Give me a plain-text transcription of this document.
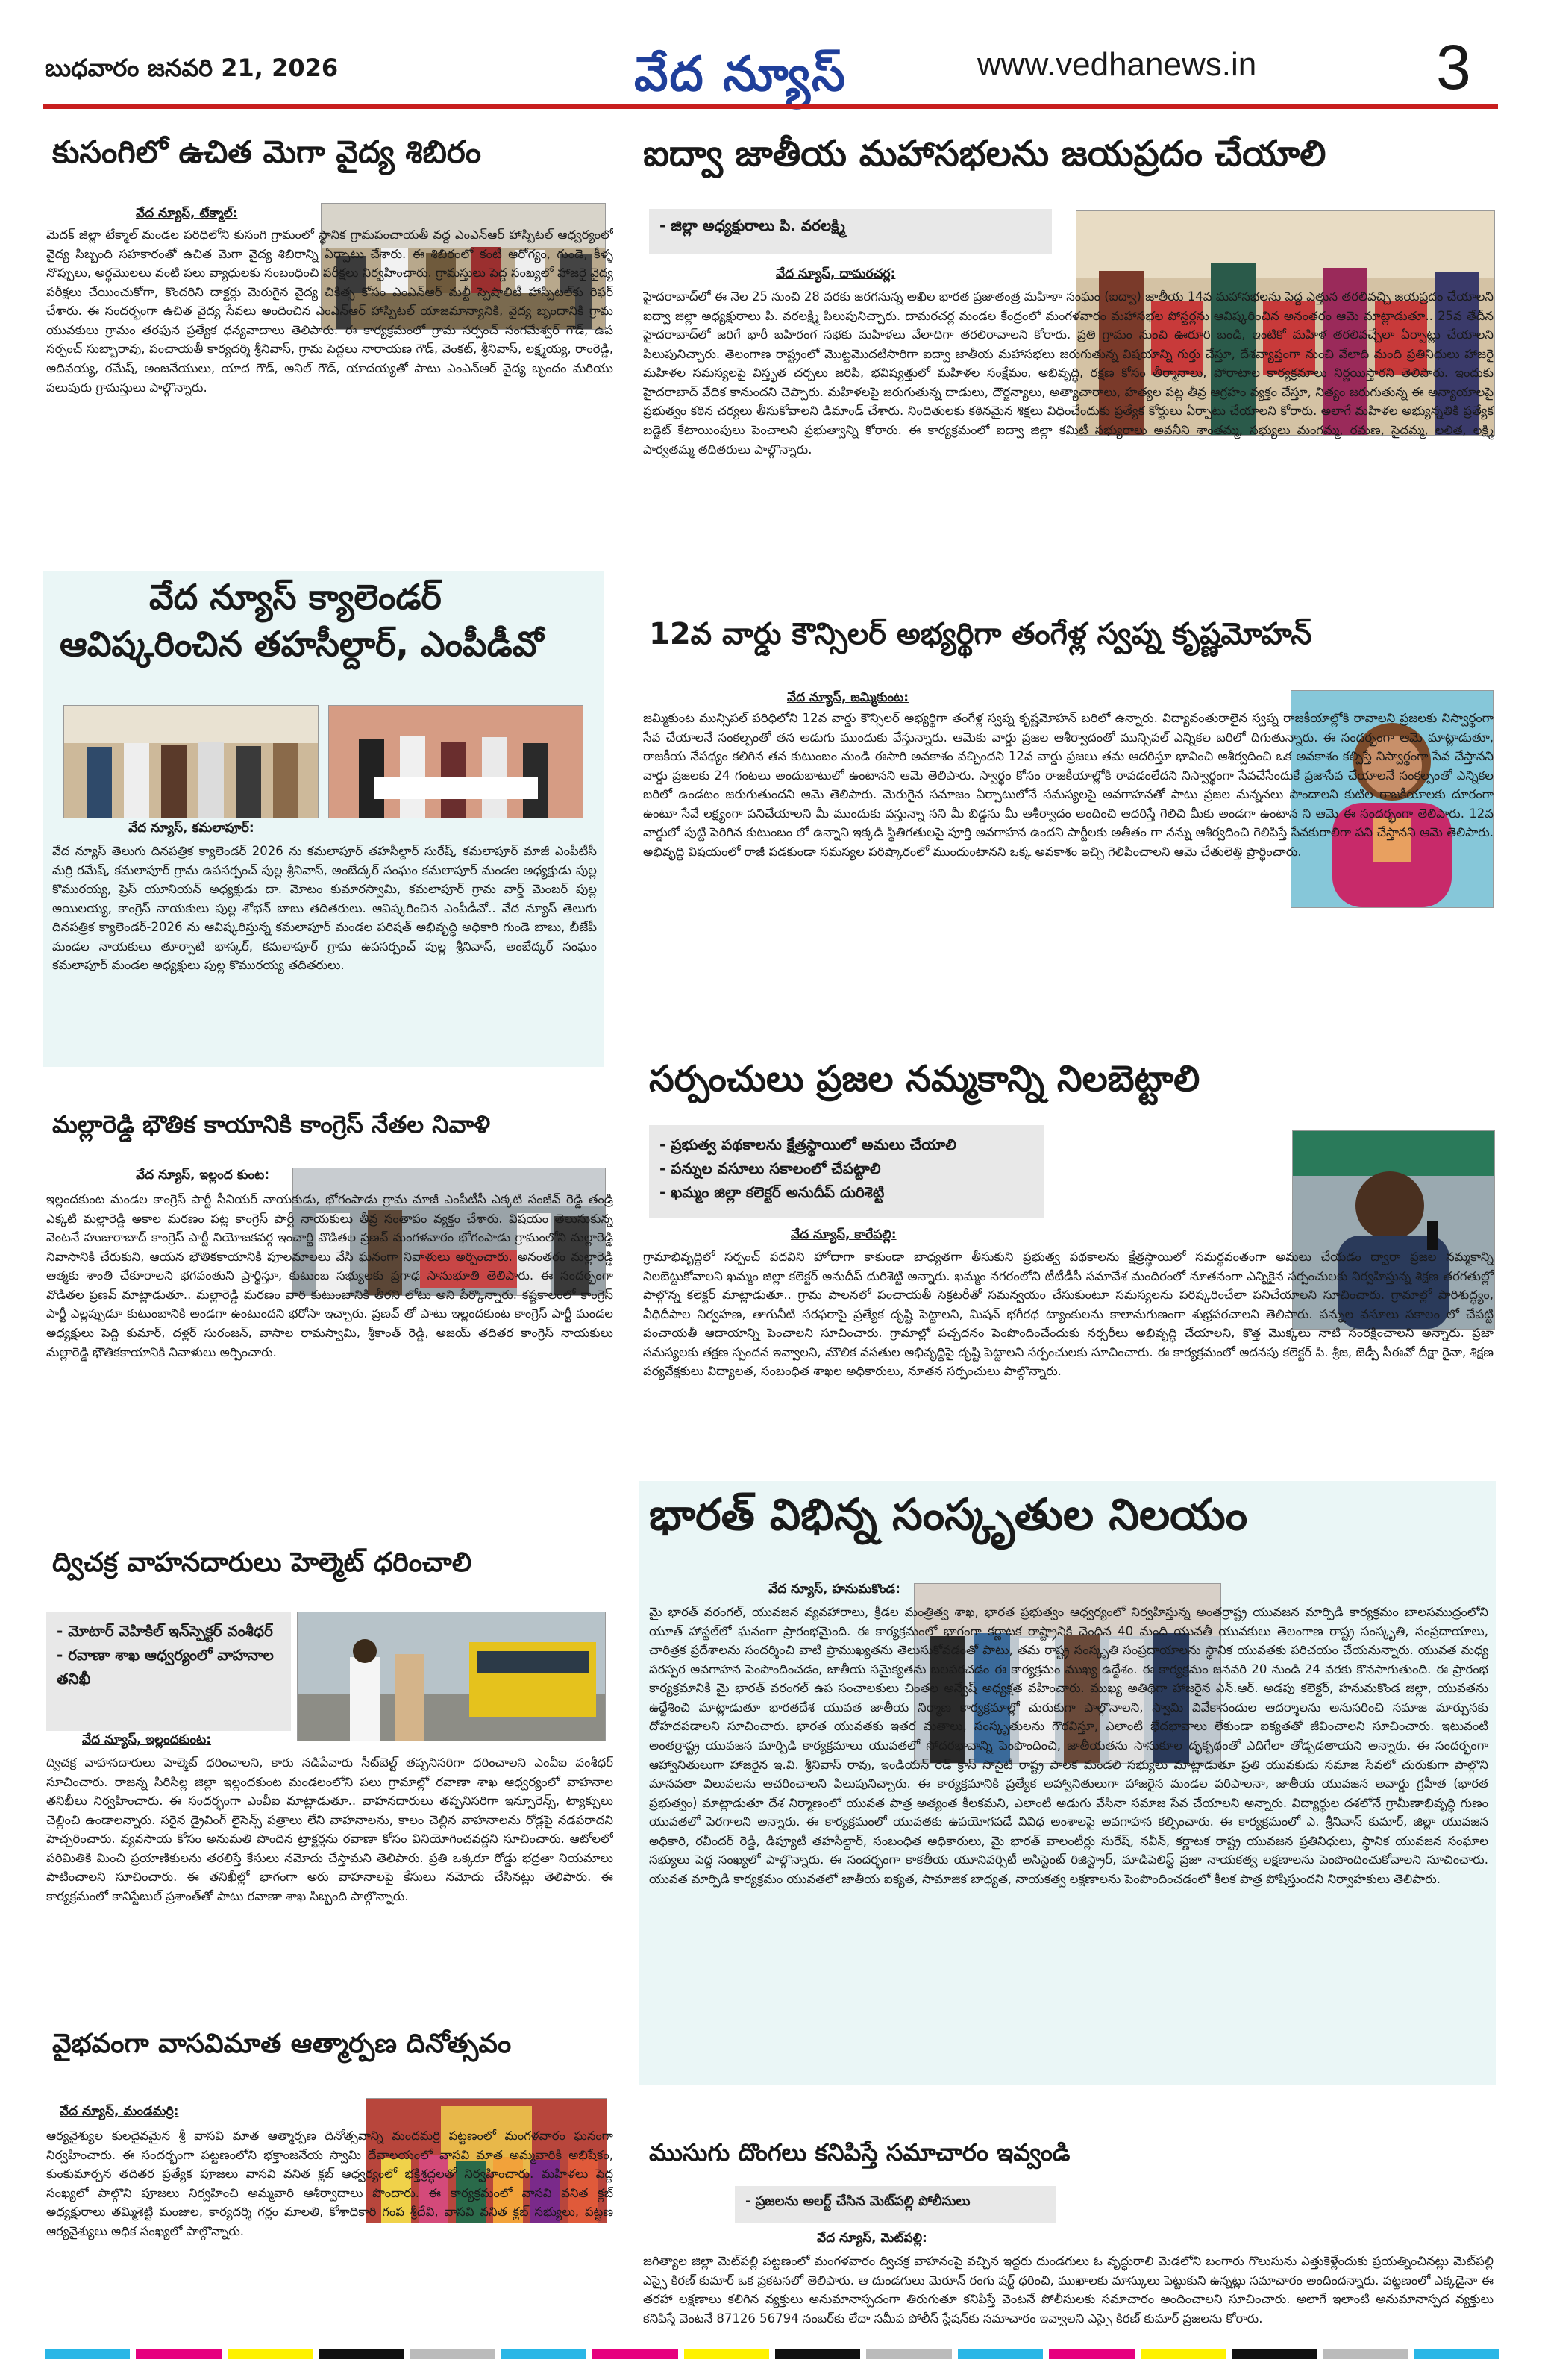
బుధవారం జనవరి 21, 2026	వేద న్యూస్	www.vedhanews.in	3
కుసంగిలో ఉచిత మెగా వైద్య శిబిరం
వేద న్యూస్, టేక్మాల్:
మెదక్ జిల్లా టేక్మాల్ మండల పరిధిలోని కుసంగి గ్రామంలో స్థానిక గ్రామపంచాయతీ వద్ద ఎంఎన్ఆర్ హాస్పిటల్ ఆధ్వర్యంలో వైద్య సిబ్బంది సహకారంతో ఉచిత మెగా వైద్య శిబిరాన్ని ఏర్పాటు చేశారు. ఈ శిబిరంలో కంటి ఆరోగ్యం, గుండె, కీళ్ళ నొప్పులు, అర్థమొలలు వంటి పలు వ్యాధులకు సంబంధించి పరీక్షలు నిర్వహించారు. గ్రామస్తులు పెద్ద సంఖ్యలో హాజరై వైద్య పరీక్షలు చేయించుకోగా, కొందరిని దాక్టర్లు మెరుగైన వైద్య చికిత్స కోసం ఎంఎన్ఆర్ మల్టీ స్పెషాలిటీ హాస్పిటల్‌కు రిఫర్ చేశారు. ఈ సందర్భంగా ఉచిత వైద్య సేవలు అందించిన ఎంఎన్ఆర్ హాస్పిటల్ యాజమాన్యానికి, వైద్య బృందానికి గ్రామ యువకులు గ్రామం తరఫున ప్రత్యేక ధన్యవాదాలు తెలిపారు. ఈ కార్యక్రమంలో గ్రామ సర్పంచ్ సంగమేశ్వర్ గౌడ్, ఉప సర్పంచ్ సుబ్బారావు, పంచాయతీ కార్యదర్శి శ్రీనివాస్, గ్రామ పెద్దలు నారాయణ గౌడ్, వెంకట్, శ్రీనివాస్, లక్ష్మయ్య, రాంరెడ్డి, అదివయ్య, రమేష్, అంజనేయులు, యాద గౌడ్, అనిల్ గౌడ్, యాదయ్యతో పాటు ఎంఎన్ఆర్ వైద్య బృందం మరియు పలువురు గ్రామస్తులు పాల్గొన్నారు.
వేద న్యూస్ క్యాలెండర్
ఆవిష్కరించిన తహసీల్దార్, ఎంపీడీవో
వేద న్యూస్, కమలాపూర్:
వేద న్యూస్ తెలుగు దినపత్రిక క్యాలెండర్ 2026 ను కమలాపూర్ తహసీల్దార్ సురేష్, కమలాపూర్ మాజీ ఎంపీటీసీ మర్రి రమేష్, కమలాపూర్ గ్రామ ఉపసర్పంచ్ పుల్ల శ్రీనివాస్, అంబేద్కర్ సంఘం కమలాపూర్ మండల అధ్యక్షుడు పుల్ల కొమురయ్య, ప్రెస్ యూనియన్ అధ్యక్షుడు దా. మోటం కుమారస్వామి, కమలాపూర్ గ్రామ వార్డ్ మెంబర్ పుల్ల అయిలయ్య, కాంగ్రెస్ నాయకులు పుల్ల శోభన్ బాబు తదితరులు. ఆవిష్కరించిన ఎంపీడీవో.. వేద న్యూస్ తెలుగు దినపత్రిక క్యాలెండర్-2026 ను ఆవిష్కరిస్తున్న కమలాపూర్ మండల పరిషత్ అభివృద్ధి అధికారి గుండె బాబు, బీజేపీ మండల నాయకులు తూర్పాటి భాస్కర్, కమలాపూర్ గ్రామ ఉపసర్పంచ్ పుల్ల శ్రీనివాస్, అంబేద్కర్ సంఘం కమలాపూర్ మండల అధ్యక్షులు పుల్ల కొమురయ్య తదితరులు.
మల్లారెడ్డి భౌతిక కాయానికి కాంగ్రెస్ నేతల నివాళి
వేద న్యూస్, ఇల్లంద కుంట:
ఇల్లందకుంట మండల కాంగ్రెస్ పార్టీ సీనియర్ నాయకుడు, భోగంపాడు గ్రామ మాజీ ఎంపీటీసీ ఎక్కటి సంజీవ్ రెడ్డి తండ్రి ఎక్కటి మల్లారెడ్డి అకాల మరణం పట్ల కాంగ్రెస్ పార్టీ నాయకులు తీవ్ర సంతాపం వ్యక్తం చేశారు. విషయం తెలుసుకున్న వెంటనే హుజురాబాద్ కాంగ్రెస్ పార్టీ నియోజకవర్గ ఇంచార్జి వొడితల ప్రణవ్ మంగళవారం భోగంపాడు గ్రామంలోని మల్లారెడ్డి నివాసానికి చేరుకుని, ఆయన భౌతికకాయానికి పూలమాలలు వేసి ఘనంగా నివాళులు అర్పించారు. అనంతరం మల్లారెడ్డి ఆత్మకు శాంతి చేకూరాలని భగవంతుని ప్రార్థిస్తూ, కుటుంబ సభ్యులకు ప్రగాఢ సానుభూతి తెలిపారు. ఈ సందర్భంగా వొడితల ప్రణవ్ మాట్లాడుతూ.. మల్లారెడ్డి మరణం వారి కుటుంబానికి తీరని లోటు అని పేర్కొన్నారు. కష్టకాలంలో కాంగ్రెస్ పార్టీ ఎల్లప్పుడూ కుటుంబానికి అండగా ఉంటుందని భరోసా ఇచ్చారు. ప్రణవ్ తో పాటు ఇల్లందకుంట కాంగ్రెస్ పార్టీ మండల అధ్యక్షులు పెద్ది కుమార్, దళ్లర్ సురంజన్, వాసాల రామస్వామి, శ్రీకాంత్ రెడ్డి, అజయ్ తదితర కాంగ్రెస్ నాయకులు మల్లారెడ్డి భౌతికకాయానికి నివాళులు అర్పించారు.
ద్విచక్ర వాహనదారులు హెల్మెట్ ధరించాలి
- మోటార్ వెహికిల్ ఇన్‌స్పెక్టర్ వంశీధర్
- రవాణా శాఖ ఆధ్వర్యంలో వాహనాల తనిఖీ
వేద న్యూస్, ఇల్లందకుంట:
ద్విచక్ర వాహనదారులు హెల్మెట్ ధరించాలని, కారు నడిపేవారు సీట్‌బెల్ట్ తప్పనిసరిగా ధరించాలని ఎంవీఐ వంశీధర్ సూచించారు. రాజన్న సిరిసిల్ల జిల్లా ఇల్లందకుంట మండలంలోని పలు గ్రామాల్లో రవాణా శాఖ ఆధ్వర్యంలో వాహనాల తనిఖీలు నిర్వహించారు. ఈ సందర్భంగా ఎంవీఐ మాట్లాడుతూ.. వాహనదారులు తప్పనిసరిగా ఇన్సూరెన్స్, ట్యాక్సులు చెల్లించి ఉండాలన్నారు. సరైన డ్రైవింగ్ లైసెన్స్ పత్రాలు లేని వాహనాలను, కాలం చెల్లిన వాహనాలను రోడ్లపై నడపరాదని హెచ్చరించారు. వ్యవసాయ కోసం అనుమతి పొందిన ట్రాక్టర్లను రవాణా కోసం వినియోగించవద్దని సూచించారు. ఆటోలలో పరిమితికి మించి ప్రయాణికులను తరలిస్తే కేసులు నమోదు చేస్తామని తెలిపారు. ప్రతి ఒక్కరూ రోడ్డు భద్రతా నియమాలు పాటించాలని సూచించారు. ఈ తనిఖీల్లో భాగంగా అరు వాహనాలపై కేసులు నమోదు చేసినట్లు తెలిపారు. ఈ కార్యక్రమంలో కానిస్టేబుల్ ప్రశాంత్‌తో పాటు రవాణా శాఖ సిబ్బంది పాల్గొన్నారు.
వైభవంగా వాసవిమాత ఆత్మార్పణ దినోత్సవం
వేద న్యూస్, మండమర్రి:
ఆర్యవైశ్యుల కులదైవమైన శ్రీ వాసవి మాత ఆత్మార్పణ దినోత్సవాన్ని మందమర్రి పట్టణంలో మంగళవారం ఘనంగా నిర్వహించారు. ఈ సందర్భంగా పట్టణంలోని భక్తాంజనేయ స్వామి దేవాలయంలో వాసవి మాత అమ్మవారికి అభిషేకం, కుంకుమార్చన తదితర ప్రత్యేక పూజలు వాసవి వనిత క్లబ్ ఆధ్వర్యంలో భక్తిశ్రద్ధలతో నిర్వహించారు. మహిళలు పెద్ద సంఖ్యలో పాల్గొని పూజలు నిర్వహించి అమ్మవారి ఆశీర్వాదాలు పొందారు. ఈ కార్యక్రమంలో వాసవి వనిత క్లబ్ అధ్యక్షురాలు తమ్మిశెట్టి మంజుల, కార్యదర్శి గర్లం మాలతి, కోశాధికారి గంప శ్రీదేవి, వాసవి వనిత క్లబ్ సభ్యులు, పట్టణ ఆర్యవైశ్యులు అధిక సంఖ్యలో పాల్గొన్నారు.
ఐద్వా జాతీయ మహాసభలను జయప్రదం చేయాలి
- జిల్లా అధ్యక్షురాలు పి. వరలక్ష్మి
వేద న్యూస్, దామరచర్ల:
హైదరాబాద్‌లో ఈ నెల 25 నుంచి 28 వరకు జరగనున్న అఖిల భారత ప్రజాతంత్ర మహిళా సంఘం (ఐద్వా) జాతీయ 14వ మహాసభలను పెద్ద ఎత్తున తరలివచ్చి జయప్రదం చేయాలని ఐద్వా జిల్లా అధ్యక్షురాలు పి. వరలక్ష్మి పిలుపునిచ్చారు. దామరచర్ల మండల కేంద్రంలో మంగళవారం మహాసభల పోస్టర్లను ఆవిష్కరించిన అనంతరం ఆమె మాట్లాడుతూ.. 25వ తేదీన హైదరాబాద్‌లో జరిగే భారీ బహిరంగ సభకు మహిళలు వేలాదిగా తరలిరావాలని కోరారు. ప్రతి గ్రామం నుంచి ఊరూరి బండి, ఇంటికో మహిళ తరలివచ్చేలా ఏర్పాట్లు చేయాలని పిలుపునిచ్చారు. తెలంగాణ రాష్ట్రంలో మొట్టమొదటిసారిగా ఐద్వా జాతీయ మహాసభలు జరుగుతున్న విషయాన్ని గుర్తు చేస్తూ, దేశవ్యాప్తంగా నుంచి వేలాది మంది ప్రతినిధులు హాజరై మహిళల సమస్యలపై విస్తృత చర్చలు జరిపి, భవిష్యత్తులో మహిళల సంక్షేమం, అభివృద్ధి, రక్షణ కోసం తీర్మానాలు, పోరాటాల కార్యక్రమాలు నిర్ణయిస్తారని తెలిపారు. ఇందుకు హైదరాబాద్ వేదిక కానుందని చెప్పారు. మహిళలపై జరుగుతున్న దాడులు, దౌర్జన్యాలు, అత్యాచారాలు, హత్యల పట్ల తీవ్ర ఆగ్రహం వ్యక్తం చేస్తూ, నిత్యం జరుగుతున్న ఈ అన్యాయాలపై ప్రభుత్వం కఠిన చర్యలు తీసుకోవాలని డిమాండ్ చేశారు. నిందితులకు కఠినమైన శిక్షలు విధించేందుకు ప్రత్యేక కోర్టులు ఏర్పాటు చేయాలని కోరారు. అలాగే మహిళల అభ్యున్నతికి ప్రత్యేక బడ్జెట్ కేటాయింపులు పెంచాలని ప్రభుత్వాన్ని కోరారు. ఈ కార్యక్రమంలో ఐద్వా జిల్లా కమిటీ సభ్యురాలు అవనీని శాంతమ్మ, సభ్యులు మంగమ్మ, రమణ, సైదమ్మ, లలిత, లక్ష్మి పార్వతమ్మ తదితరులు పాల్గొన్నారు.
12వ వార్డు కౌన్సిలర్ అభ్యర్థిగా తంగేళ్ల స్వప్న కృష్ణమోహన్
వేద న్యూస్, జమ్మికుంట:
జమ్మికుంట మున్సిపల్ పరిధిలోని 12వ వార్డు కౌన్సిలర్ అభ్యర్థిగా తంగేళ్ల స్వప్న కృష్ణమోహన్ బరిలో ఉన్నారు. విద్యావంతురాలైన స్వప్న రాజకీయాల్లోకి రావాలని ప్రజలకు నిస్వార్థంగా సేవ చేయాలనే సంకల్పంతో తన అడుగు ముందుకు వేస్తున్నారు. ఆమెకు వార్డు ప్రజల ఆశీర్వాదంతో మున్సిపల్ ఎన్నికల బరిలో దిగుతున్నారు. ఈ సందర్భంగా ఆమె మాట్లాడుతూ, రాజకీయ నేపథ్యం కలిగిన తన కుటుంబం నుండి ఈసారి అవకాశం వచ్చిందని 12వ వార్డు ప్రజలు తమ ఆదరిస్తూ భావించి ఆశీర్వదించి ఒక అవకాశం కల్పిస్తే నిస్వార్థంగా సేవ చేస్తానని వార్డు ప్రజలకు 24 గంటలు అందుబాటులో ఉంటానని ఆమె తెలిపారు. స్వార్థం కోసం రాజకీయాల్లోకి రావడంలేదని నిస్వార్థంగా సేవచేసేందుకే ప్రజాసేవ చేయాలనే సంకల్పంతో ఎన్నికల బరిలో ఉండటం జరుగుతుందని ఆమె తెలిపారు. మెరుగైన సమాజం ఏర్పాటులోనే సమస్యలపై అవగాహనతో పాటు ప్రజల మన్ననలు పొందాలని కుటిల రాజకీయాలకు దూరంగా ఉంటూ సేవే లక్ష్యంగా పనిచేయాలని మీ ముందుకు వస్తున్నా నని మీ బిడ్డను మీ ఆశీర్వాదం అందించి ఆదరిస్తే గెలిచి మీకు అండగా ఉంటాన ని ఆమె ఈ సందర్భంగా తెలిపారు. 12వ వార్డులో పుట్టి పెరిగిన కుటుంబం లో ఉన్నాని ఇక్కడి స్థితిగతులపై పూర్తి అవగాహన ఉందని పార్టీలకు అతీతం గా నన్ను ఆశీర్వదించి గెలిపిస్తే సేవకురాలిగా పని చేస్తానని ఆమె తెలిపారు. అభివృద్ధి విషయంలో రాజీ పడకుండా సమస్యల పరిష్కారంలో ముందుంటానని ఒక్క అవకాశం ఇచ్చి గెలిపించాలని ఆమె చేతులెత్తి ప్రార్థించారు.
సర్పంచులు ప్రజల నమ్మకాన్ని నిలబెట్టాలి
- ప్రభుత్వ పథకాలను క్షేత్రస్థాయిలో అమలు చేయాలి
- పన్నుల వసూలు సకాలంలో చేపట్టాలి
- ఖమ్మం జిల్లా కలెక్టర్ అనుదీప్ దురిశెట్టి
వేద న్యూస్, కారేపల్లి:
గ్రామాభివృద్ధిలో సర్పంచ్ పదవిని హోదాగా కాకుండా బాధ్యతగా తీసుకుని ప్రభుత్వ పథకాలను క్షేత్రస్థాయిలో సమర్థవంతంగా అమలు చేయడం ద్వారా ప్రజల నమ్మకాన్ని నిలబెట్టుకోవాలని ఖమ్మం జిల్లా కలెక్టర్ అనుదీప్ దురిశెట్టి అన్నారు. ఖమ్మం నగరంలోని టీటీడీసీ సమావేశ మందిరంలో నూతనంగా ఎన్నికైన సర్పంచులకు నిర్వహిస్తున్న శిక్షణ తరగతుల్లో పాల్గొన్న కలెక్టర్ మాట్లాడుతూ.. గ్రామ పాలనలో పంచాయతీ సెక్రటరీతో సమన్వయం చేసుకుంటూ సమస్యలను పరిష్కరించేలా పనిచేయాలని సూచించారు. గ్రామాల్లో పారిశుద్ధ్యం, వీధిదీపాల నిర్వహణ, తాగునీటి సరఫరాపై ప్రత్యేక దృష్టి పెట్టాలని, మిషన్ భగీరథ ట్యాంకులను కాలానుగుణంగా శుభ్రపరచాలని తెలిపారు. పన్నుల వసూలు సకాలం లో చేపట్టి పంచాయతీ ఆదాయాన్ని పెంచాలని సూచించారు. గ్రామాల్లో పచ్చదనం పెంపొందించేందుకు నర్సరీలు అభివృద్ధి చేయాలని, కొత్త మొక్కలు నాటి సంరక్షించాలని అన్నారు. ప్రజా సమస్యలకు తక్షణ స్పందన ఇవ్వాలని, మౌలిక వసతుల అభివృద్ధిపై దృష్టి పెట్టాలని సర్పంచులకు సూచించారు. ఈ కార్యక్రమంలో అదనపు కలెక్టర్ పి. శ్రీజ, జెడ్పీ సీఈవో దీక్షా రైనా, శిక్షణ పర్యవేక్షకులు విద్యాలత, సంబంధిత శాఖల అధికారులు, నూతన సర్పంచులు పాల్గొన్నారు.
భారత్ విభిన్న సంస్కృతుల నిలయం
వేద న్యూస్, హనుమకొండ:
మై భారత్ వరంగల్, యువజన వ్యవహారాలు, క్రీడల మంత్రిత్వ శాఖ, భారత ప్రభుత్వం ఆధ్వర్యంలో నిర్వహిస్తున్న అంతర్రాష్ట్ర యువజన మార్పిడి కార్యక్రమం బాలసముద్రంలోని యూత్ హాస్టల్‌లో ఘనంగా ప్రారంభమైంది. ఈ కార్యక్రమంలో భాగంగా కర్ణాటక రాష్ట్రానికి చెందిన 40 మంది యువతీ యువకులు తెలంగాణ రాష్ట్ర సంస్కృతి, సంప్రదాయాలు, చారిత్రక ప్రదేశాలను సందర్శించి వాటి ప్రాముఖ్యతను తెలుసుకోవడంతో పాటు, తమ రాష్ట్ర సంస్కృతి సంప్రదాయాలను స్థానిక యువతకు పరిచయం చేయనున్నారు. యువత మధ్య పరస్పర అవగాహన పెంపొందించడం, జాతీయ సమైక్యతను బలపరచడం ఈ కార్యక్రమం ముఖ్య ఉద్దేశం. ఈ కార్యక్రమం జనవరి 20 నుండి 24 వరకు కొనసాగుతుంది. ఈ ప్రారంభ కార్యక్రమానికి మై భారత్ వరంగల్ ఉప సంచాలకులు చింతల అన్వేష్ అధ్యక్షత వహించారు. ముఖ్య అతిథిగా హాజరైన ఎన్.ఆర్. అడపు కలెక్టర్, హనుమకొండ జిల్లా, యువతను ఉద్దేశించి మాట్లాడుతూ భారతదేశ యువత జాతీయ నిర్మాణ కార్యక్రమాల్లో చురుకుగా పాల్గొనాలని, స్వామి వివేకానందుల ఆదర్శాలను అనుసరించి సమాజ మార్పునకు దోహదపడాలని సూచించారు. భారత యువతకు ఇతర మతాలు, సంస్కృతులను గౌరవిస్తూ, ఎలాంటి భేదభావాలు లేకుండా ఐక్యతతో జీవించాలని సూచించారు. ఇటువంటి అంతర్రాష్ట్ర యువజన మార్పిడి కార్యక్రమాలు యువతలో సోదరభావాన్ని పెంపొందించి, జాతీయతను సానుకూల దృక్పథంతో ఎదిగేలా తోడ్పడతాయని అన్నారు. ఈ సందర్భంగా ఆహ్వానితులుగా హాజరైన ఇ.వి. శ్రీనివాస్ రావు, ఇండియన్ రెడ్ క్రాస్ సొసైటీ రాష్ట్ర పాలక మండలి సభ్యులు మాట్లాడుతూ ప్రతి యువకుడు సమాజ సేవలో చురుకుగా పాల్గొని మానవతా విలువలను ఆచరించాలని పిలుపునిచ్చారు. ఈ కార్యక్రమానికి ప్రత్యేక అహ్వానితులుగా హాజరైన మండల పరిపాలనా, జాతీయ యువజన అవార్డు గ్రహీత (భారత ప్రభుత్వం) మాట్లాడుతూ దేశ నిర్మాణంలో యువత పాత్ర అత్యంత కీలకమని, ఎలాంటి అడుగు వేసినా సమాజ సేవ చేయాలని అన్నారు. విద్యార్థుల దశలోనే గ్రామీణాభివృద్ధి గుణం యువతలో పెరగాలని అన్నారు. ఈ కార్యక్రమంలో యువతకు ఉపయోగపడే వివిధ అంశాలపై అవగాహన కల్పించారు. ఈ కార్యక్రమంలో ఎ. శ్రీనివాస్ కుమార్, జిల్లా యువజన అధికారి, రవీందర్ రెడ్డి, డిప్యూటీ తహసీల్దార్, సంబంధిత అధికారులు, మై భారత్ వాలంటీర్లు సురేష్, నవీన్, కర్ణాటక రాష్ట్ర యువజన ప్రతినిధులు, స్థానిక యువజన సంఘాల సభ్యులు పెద్ద సంఖ్యలో పాల్గొన్నారు. ఈ సందర్భంగా కాకతీయ యూనివర్సిటీ అసిస్టెంట్ రిజిస్ట్రార్, మాడిపెలిస్ట్ ప్రజా నాయకత్వ లక్షణాలను పెంపొందించుకోవాలని సూచించారు. యువత మార్పిడి కార్యక్రమం యువతలో జాతీయ ఐక్యత, సామాజిక బాధ్యత, నాయకత్వ లక్షణాలను పెంపొందించడంలో కీలక పాత్ర పోషిస్తుందని నిర్వాహకులు తెలిపారు.
ముసుగు దొంగలు కనిపిస్తే సమాచారం ఇవ్వండి
- ప్రజలను అలర్ట్ చేసిన మెట్‌పల్లి పోలీసులు
వేద న్యూస్, మెట్‌పల్లి:
జగిత్యాల జిల్లా మెట్‌పల్లి పట్టణంలో మంగళవారం ద్విచక్ర వాహనంపై వచ్చిన ఇద్దరు దుండగులు ఓ వృద్ధురాలి మెడలోని బంగారు గొలుసును ఎత్తుకెళ్లేందుకు ప్రయత్నించినట్లు మెట్‌పల్లి ఎస్సై కిరణ్ కుమార్ ఒక ప్రకటనలో తెలిపారు. ఆ దుండగులు మెరూన్ రంగు షర్ట్ ధరించి, ముఖాలకు మాస్కులు పెట్టుకుని ఉన్నట్లు సమాచారం అందిందన్నారు. పట్టణంలో ఎక్కడైనా ఈ తరహా లక్షణాలు కలిగిన వ్యక్తులు అనుమానాస్పదంగా తిరుగుతూ కనిపిస్తే వెంటనే పోలీసులకు సమాచారం అందించాలని సూచించారు. అలాగే ఇలాంటి అనుమానాస్పద వ్యక్తులు కనిపిస్తే వెంటనే 87126 56794 నంబర్‌కు లేదా సమీప పోలీస్ స్టేషన్‌కు సమాచారం ఇవ్వాలని ఎస్సై కిరణ్ కుమార్ ప్రజలను కోరారు.
